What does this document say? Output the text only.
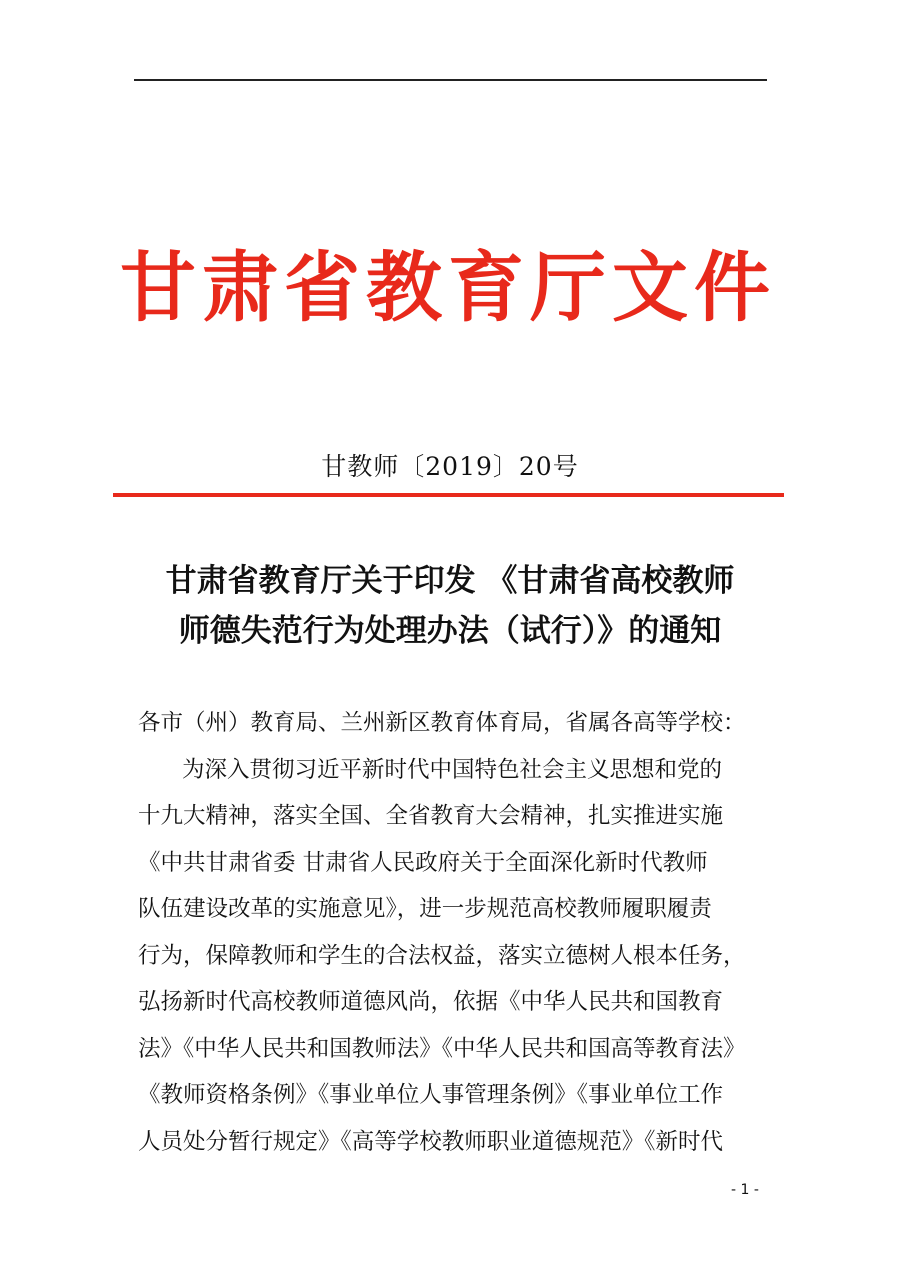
甘肃省教育厅文件
甘教师〔2019〕20号
甘肃省教育厅关于印发 《甘肃省高校教师
师德失范行为处理办法（试行）》的通知
各市（州）教育局、兰州新区教育体育局，省属各高等学校：
为深入贯彻习近平新时代中国特色社会主义思想和党的
十九大精神，落实全国、全省教育大会精神，扎实推进实施
《中共甘肃省委 甘肃省人民政府关于全面深化新时代教师
队伍建设改革的实施意见》，进一步规范高校教师履职履责
行为，保障教师和学生的合法权益，落实立德树人根本任务，
弘扬新时代高校教师道德风尚，依据《中华人民共和国教育
法》《中华人民共和国教师法》《中华人民共和国高等教育法》
《教师资格条例》《事业单位人事管理条例》《事业单位工作
人员处分暂行规定》《高等学校教师职业道德规范》《新时代
- 1 -
